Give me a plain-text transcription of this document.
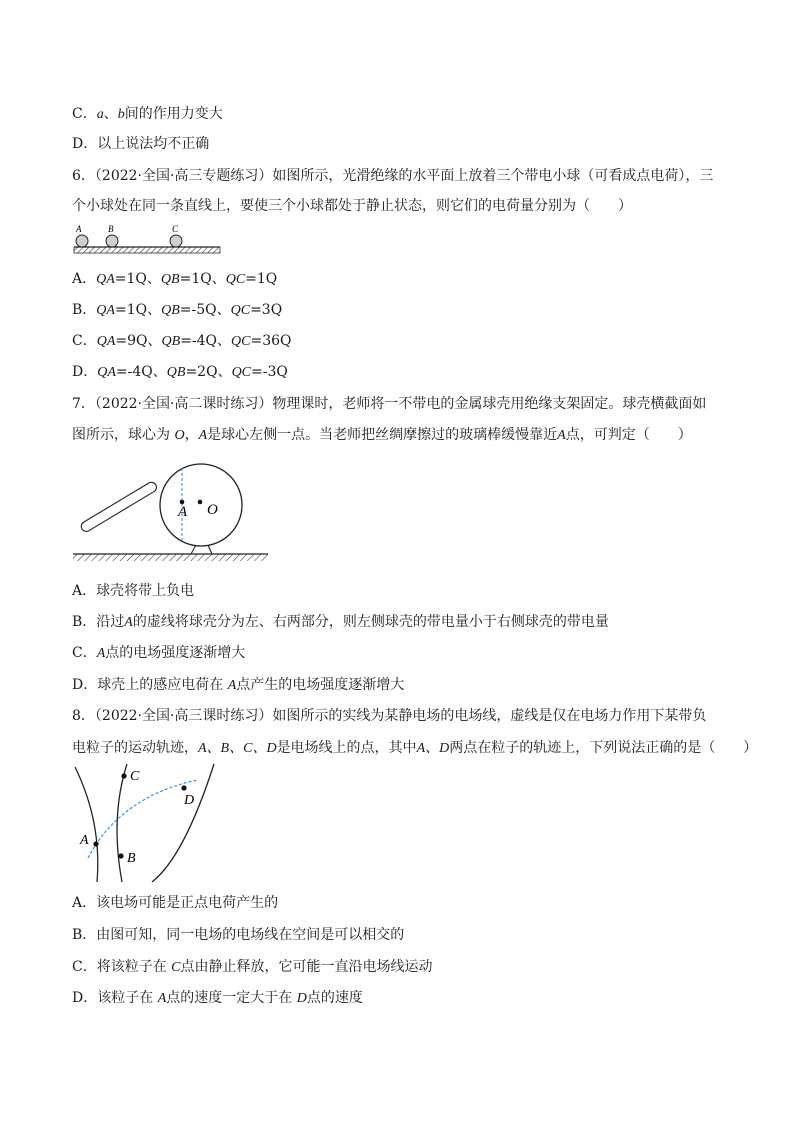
C．a、b间的作用力变大
D．以上说法均不正确
6．（2022·全国·高三专题练习）如图所示，光滑绝缘的水平面上放着三个带电小球（可看成点电荷），三
个小球处在同一条直线上，要使三个小球都处于静止状态，则它们的电荷量分别为（　　）
A	B	C
A．QA=1Q、QB=1Q、QC=1Q
B．QA=1Q、QB=-5Q、QC=3Q
C．QA=9Q、QB=-4Q、QC=36Q
D．QA=-4Q、QB=2Q、QC=-3Q
7．（2022·全国·高二课时练习）物理课时，老师将一不带电的金属球壳用绝缘支架固定。球壳横截面如
图所示，球心为 O，A是球心左侧一点。当老师把丝绸摩擦过的玻璃棒缓慢靠近A点，可判定（　　）
A O
A．球壳将带上负电
B．沿过A的虚线将球壳分为左、右两部分，则左侧球壳的带电量小于右侧球壳的带电量
C．A点的电场强度逐渐增大
D．球壳上的感应电荷在 A点产生的电场强度逐渐增大
8．（2022·全国·高三课时练习）如图所示的实线为某静电场的电场线，虚线是仅在电场力作用下某带负
电粒子的运动轨迹，A、B、C、D是电场线上的点，其中A、D两点在粒子的轨迹上，下列说法正确的是（　　）
A
B
C
D
A．该电场可能是正点电荷产生的
B．由图可知，同一电场的电场线在空间是可以相交的
C．将该粒子在 C点由静止释放，它可能一直沿电场线运动
D．该粒子在 A点的速度一定大于在 D点的速度
